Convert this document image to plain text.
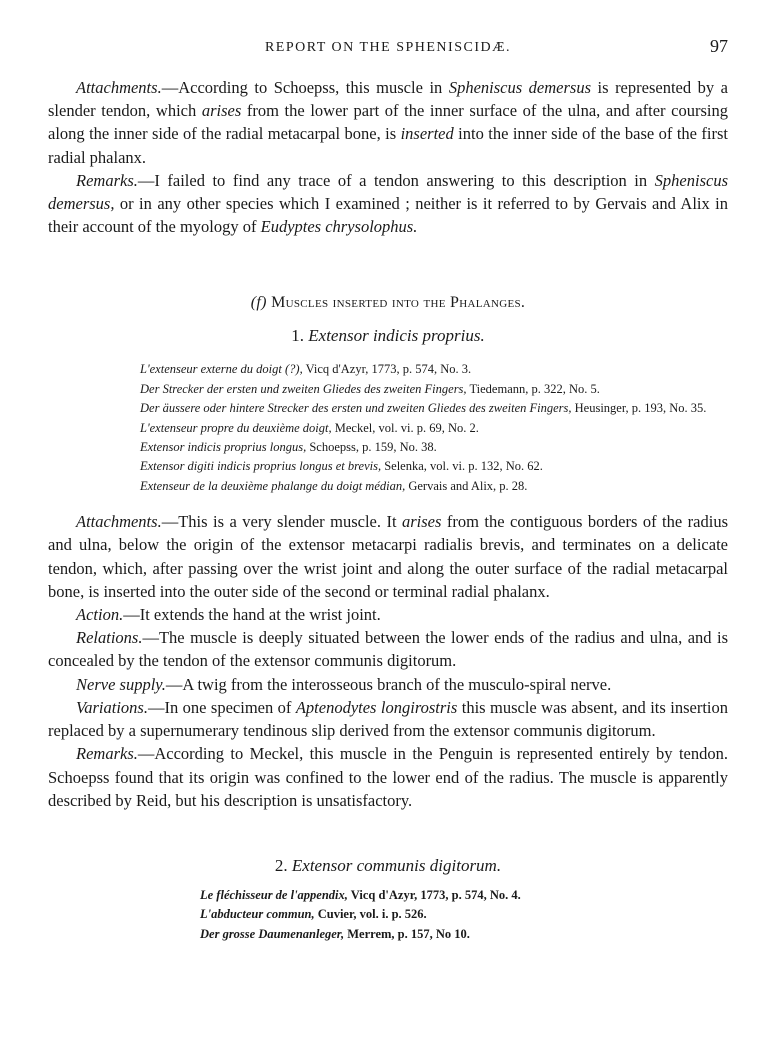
REPORT ON THE SPHENISCIDÆ.	97

Attachments.—According to Schoepss, this muscle in Spheniscus demersus is represented by a slender tendon, which arises from the lower part of the inner surface of the ulna, and after coursing along the inner side of the radial metacarpal bone, is inserted into the inner side of the base of the first radial phalanx.

Remarks.—I failed to find any trace of a tendon answering to this description in Spheniscus demersus, or in any other species which I examined ; neither is it referred to by Gervais and Alix in their account of the myology of Eudyptes chrysolophus.

(f) Muscles inserted into the Phalanges.
1. Extensor indicis proprius.
L'extenseur externe du doigt (?), Vicq d'Azyr, 1773, p. 574, No. 3.
Der Strecker der ersten und zweiten Gliedes des zweiten Fingers, Tiedemann, p. 322, No. 5.
Der äussere oder hintere Strecker des ersten und zweiten Gliedes des zweiten Fingers, Heusinger, p. 193, No. 35.
L'extenseur propre du deuxième doigt, Meckel, vol. vi. p. 69, No. 2.
Extensor indicis proprius longus, Schoepss, p. 159, No. 38.
Extensor digiti indicis proprius longus et brevis, Selenka, vol. vi. p. 132, No. 62.
Extenseur de la deuxième phalange du doigt médian, Gervais and Alix, p. 28.

Attachments.—This is a very slender muscle. It arises from the contiguous borders of the radius and ulna, below the origin of the extensor metacarpi radialis brevis, and terminates on a delicate tendon, which, after passing over the wrist joint and along the outer surface of the radial metacarpal bone, is inserted into the outer side of the second or terminal radial phalanx.

Action.—It extends the hand at the wrist joint.

Relations.—The muscle is deeply situated between the lower ends of the radius and ulna, and is concealed by the tendon of the extensor communis digitorum.

Nerve supply.—A twig from the interosseous branch of the musculo-spiral nerve.

Variations.—In one specimen of Aptenodytes longirostris this muscle was absent, and its insertion replaced by a supernumerary tendinous slip derived from the extensor communis digitorum.

Remarks.—According to Meckel, this muscle in the Penguin is represented entirely by tendon. Schoepss found that its origin was confined to the lower end of the radius. The muscle is apparently described by Reid, but his description is unsatisfactory.

2. Extensor communis digitorum.
Le fléchisseur de l'appendix, Vicq d'Azyr, 1773, p. 574, No. 4.
L'abducteur commun, Cuvier, vol. i. p. 526.
Der grosse Daumenanleger, Merrem, p. 157, No 10.
